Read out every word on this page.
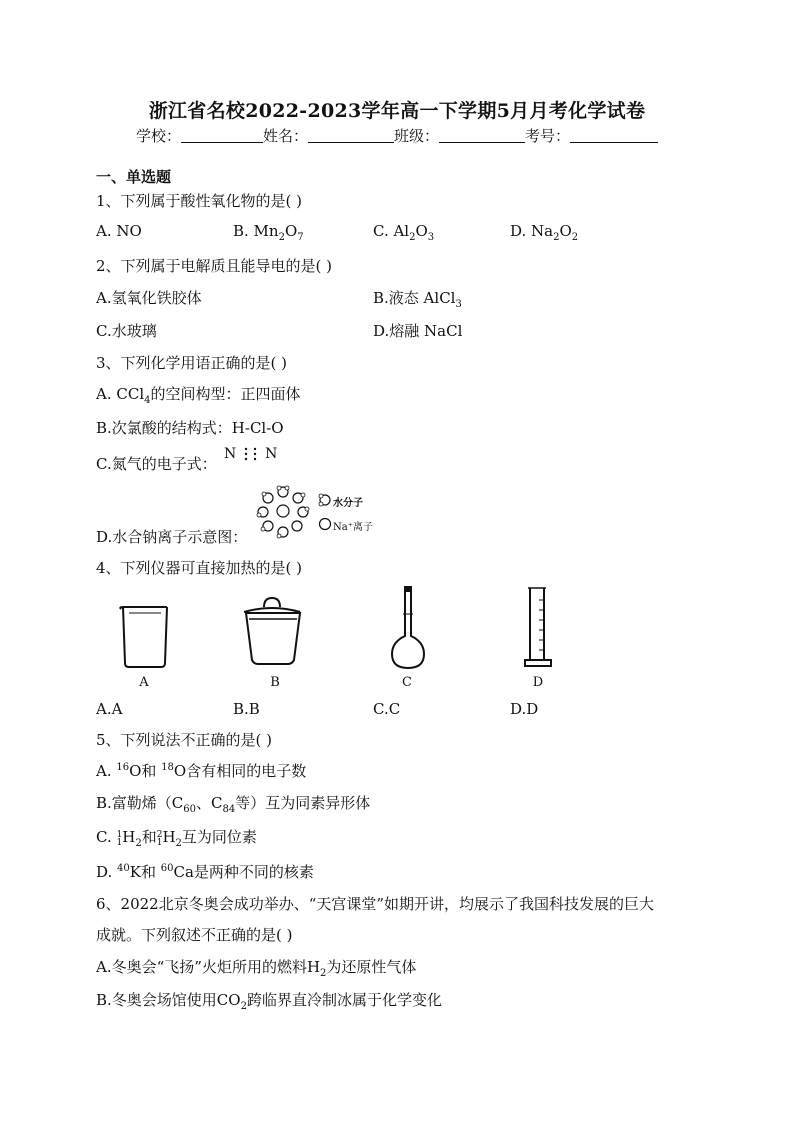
浙江省名校2022-2023学年高一下学期5月月考化学试卷
学校：	姓名：	班级：	考号：
一、单选题
1、下列属于酸性氧化物的是( )
A. NO	B. $Mn_2O_7$	C. $Al_2O_3$	D. $Na_2O_2$
2、下列属于电解质且能导电的是( )
A.氢氧化铁胶体	B.液态 AlCl$_3$
C.水玻璃	D.熔融 NaCl
3、下列化学用语正确的是( )
A. CCl$_4$的空间构型：正四面体
B.次氯酸的结构式：H-Cl-O
C.氮气的电子式：
N N
D.水合钠离子示意图：
水分子
Na⁺离子
4、下列仪器可直接加热的是( )
A	B	C	D
A.A	B.B	C.C	D.D
5、下列说法不正确的是( )
A. $^{16}$O和 $^{18}$O含有相同的电子数
B.富勒烯（$C_{60}$、$C_{84}$等）互为同素异形体
C. 1
$1H_2$和2
$1H_2$互为同位素
D. $^{40}$K和 $^{60}$Ca是两种不同的核素
6、2022北京冬奥会成功举办、“天宫课堂”如期开讲，均展示了我国科技发展的巨大
成就。下列叙述不正确的是( )
A.冬奥会“飞扬”火炬所用的燃料$H_2$为还原性气体
B.冬奥会场馆使用$CO_2$跨临界直冷制冰属于化学变化
